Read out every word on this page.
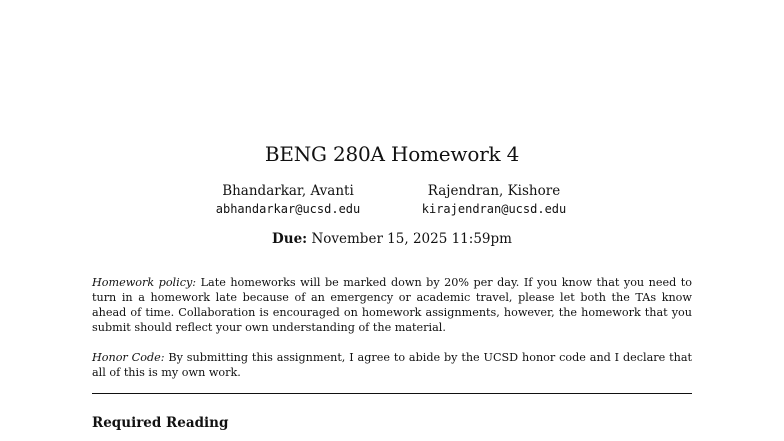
BENG 280A Homework 4
Bhandarkar, Avanti
abhandarkar@ucsd.edu
Rajendran, Kishore
kirajendran@ucsd.edu
Due: November 15, 2025 11:59pm
Homework policy: Late homeworks will be marked down by 20% per day. If you know that you need to turn in a homework late because of an emergency or academic travel, please let both the TAs know ahead of time. Collaboration is encouraged on homework assignments, however, the homework that you submit should reflect your own understanding of the material.
Honor Code: By submitting this assignment, I agree to abide by the UCSD honor code and I declare that all of this is my own work.
Required Reading
